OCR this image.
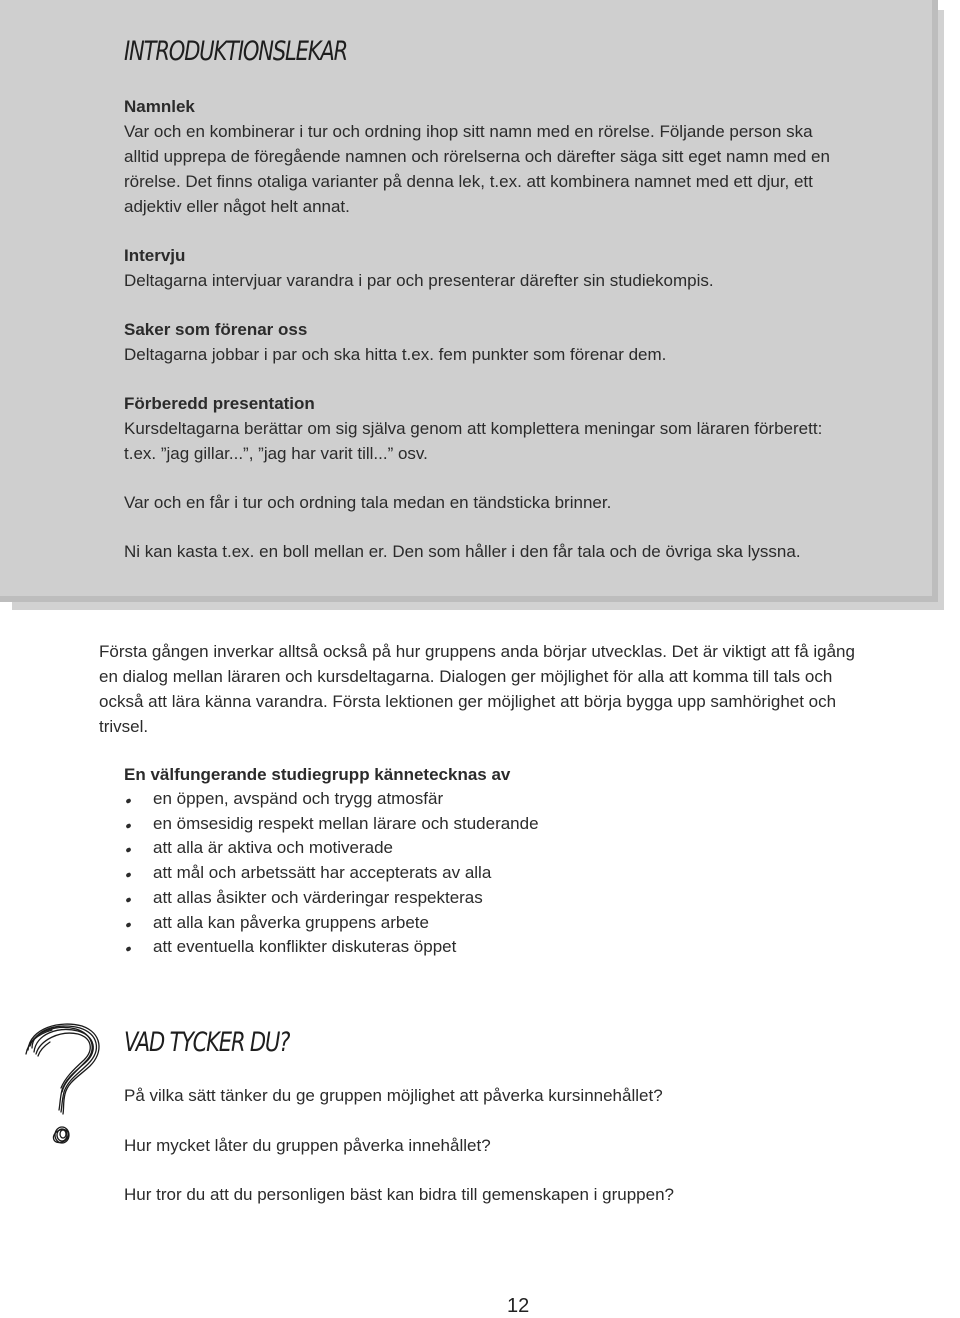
INTRODUKTIONSLEKAR
Namnlek
Var och en kombinerar i tur och ordning ihop sitt namn med en rörelse. Följande person ska
alltid upprepa de föregående namnen och rörelserna och därefter säga sitt eget namn med en
rörelse. Det finns otaliga varianter på denna lek, t.ex. att kombinera namnet med ett djur, ett
adjektiv eller något helt annat.
Intervju
Deltagarna intervjuar varandra i par och presenterar därefter sin studiekompis.
Saker som förenar oss
Deltagarna jobbar i par och ska hitta t.ex. fem punkter som förenar dem.
Förberedd presentation
Kursdeltagarna berättar om sig själva genom att komplettera meningar som läraren förberett:
t.ex. ”jag gillar...”, ”jag har varit till...” osv.
Var och en får i tur och ordning tala medan en tändsticka brinner.
Ni kan kasta t.ex. en boll mellan er. Den som håller i den får tala och de övriga ska lyssna.
Första gången inverkar alltså också på hur gruppens anda börjar utvecklas. Det är viktigt att få igång
en dialog mellan läraren och kursdeltagarna. Dialogen ger möjlighet för alla att komma till tals och
också att lära känna varandra. Första lektionen ger möjlighet att börja bygga upp samhörighet och
trivsel.
En välfungerande studiegrupp kännetecknas av
en öppen, avspänd och trygg atmosfär
en ömsesidig respekt mellan lärare och studerande
att alla är aktiva och motiverade
att mål och arbetssätt har accepterats av alla
att allas åsikter och värderingar respekteras
att alla kan påverka gruppens arbete
att eventuella konflikter diskuteras öppet
VAD TYCKER DU?
På vilka sätt tänker du ge gruppen möjlighet att påverka kursinnehållet?
Hur mycket låter du gruppen påverka innehållet?
Hur tror du att du personligen bäst kan bidra till gemenskapen i gruppen?
12
